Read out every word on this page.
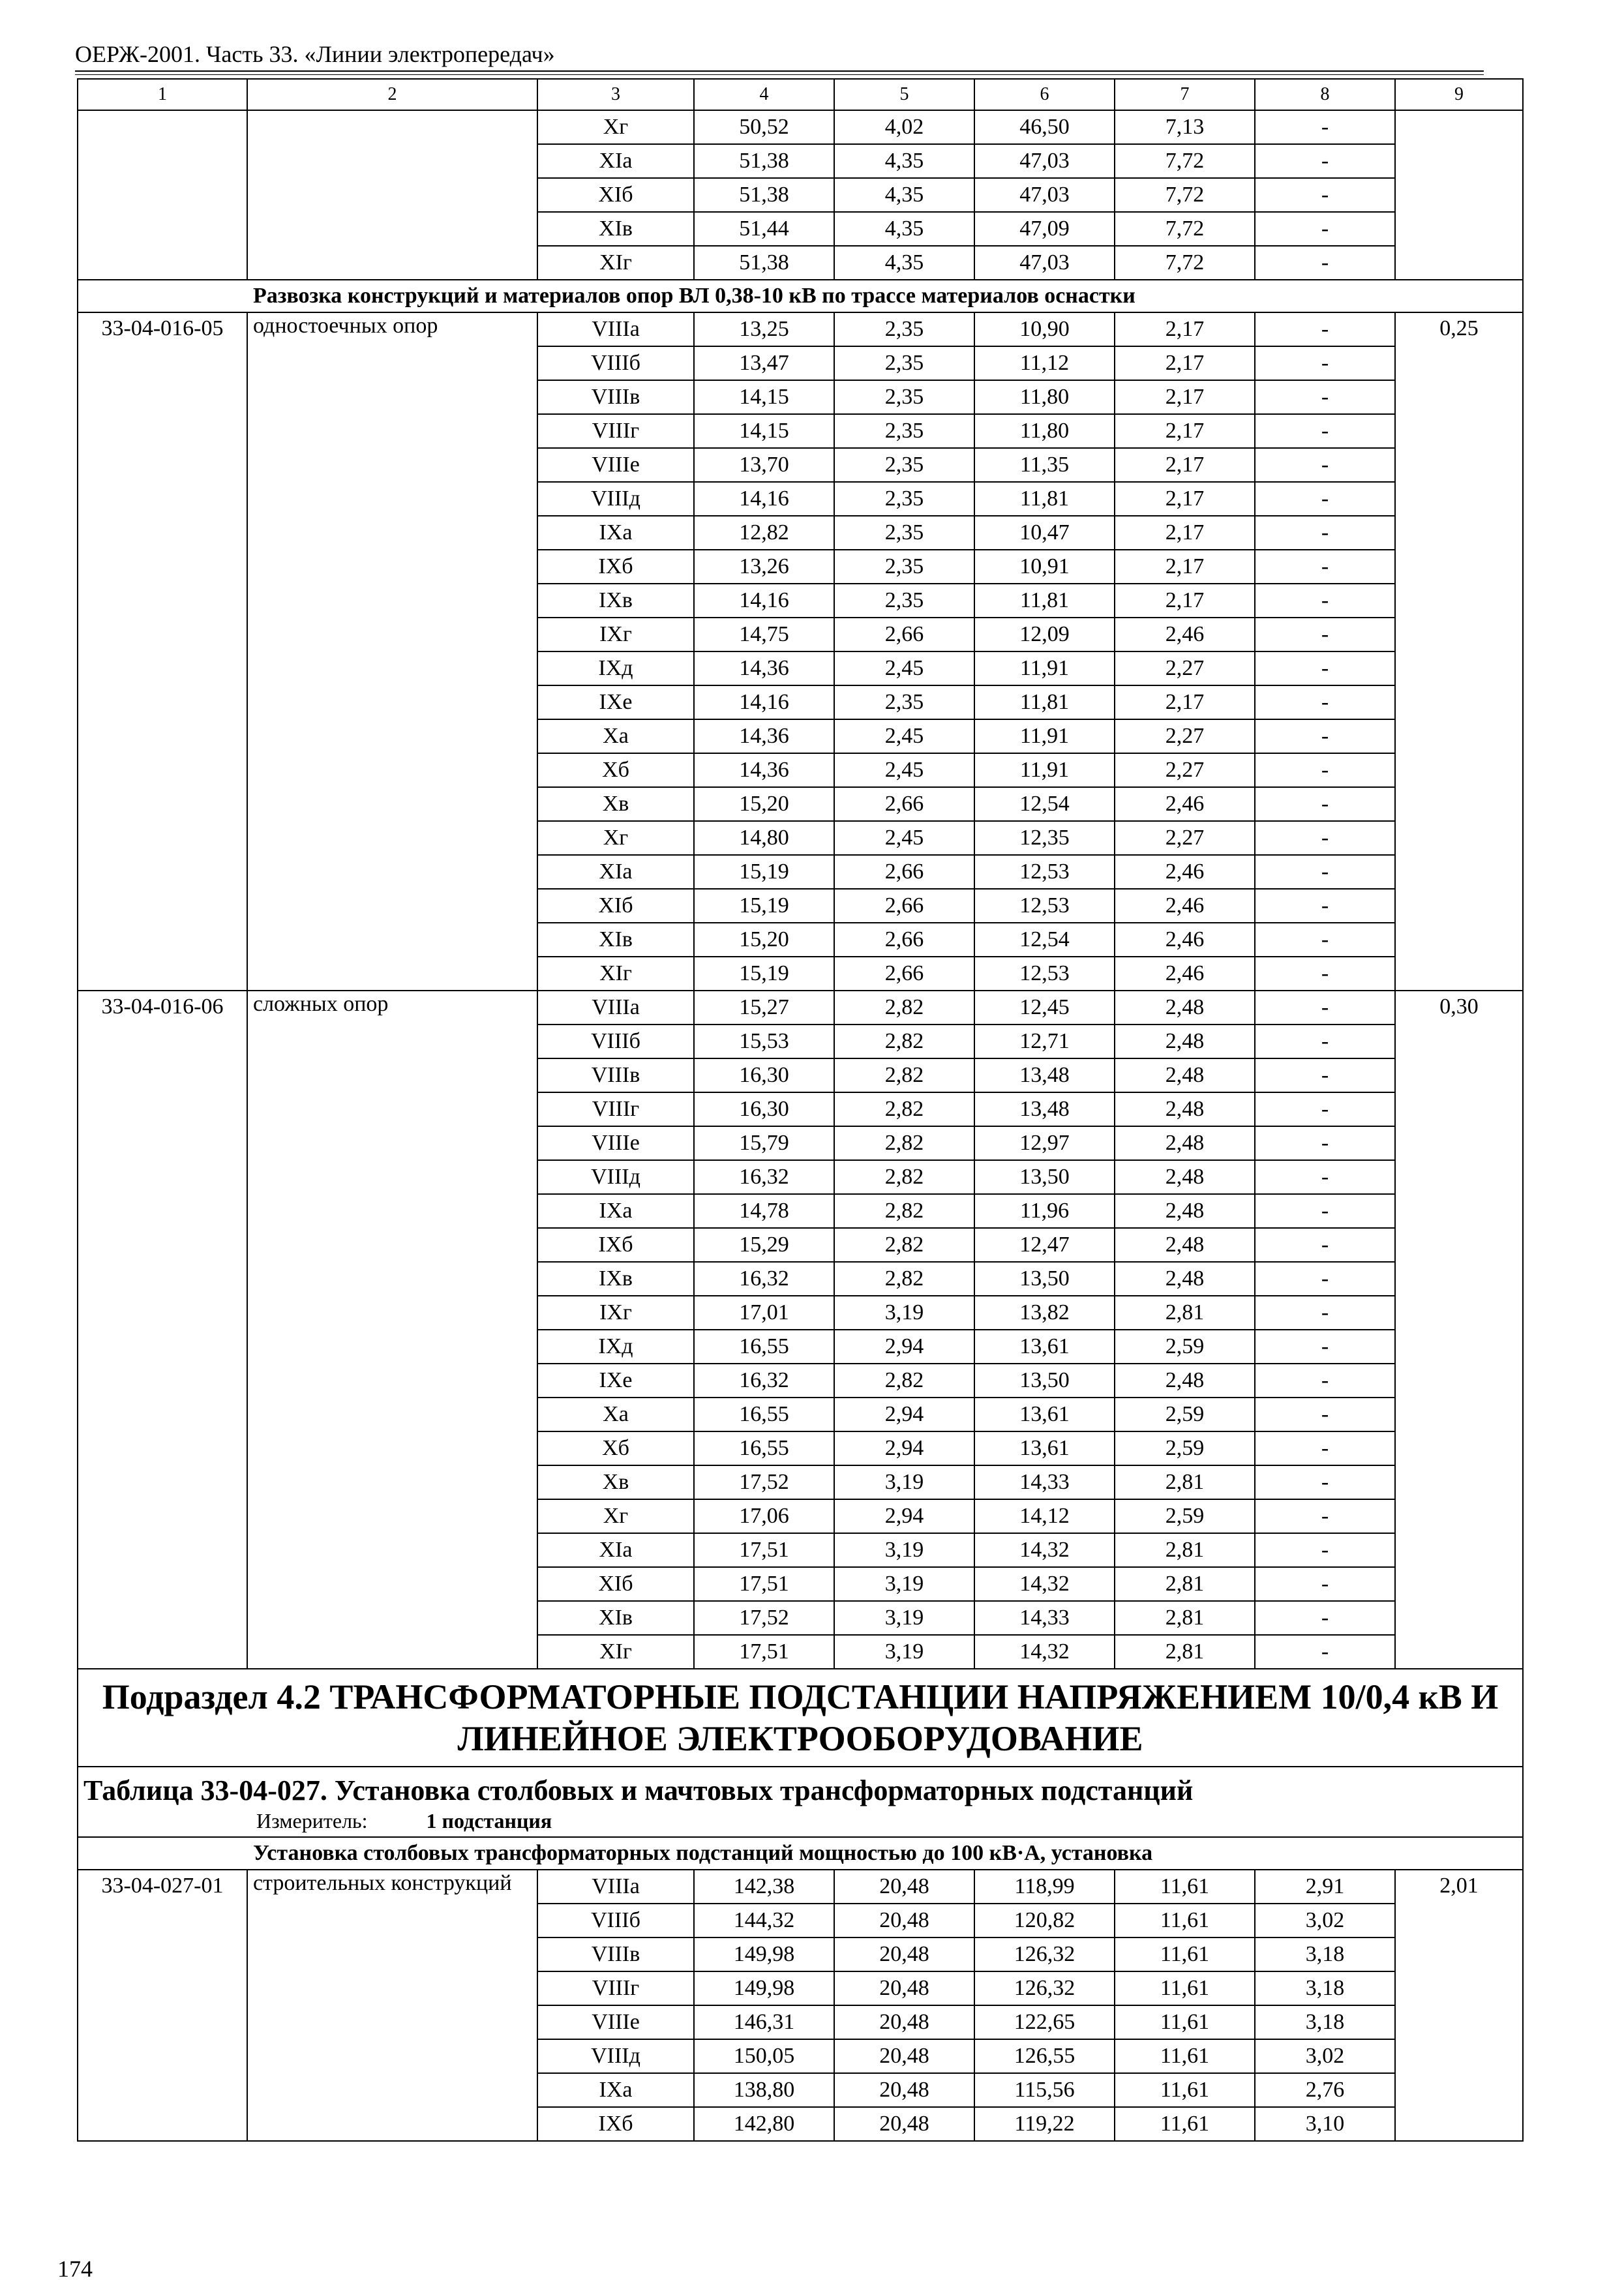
ОЕРЖ-2001. Часть 33. «Линии электропередач»
1	2	3	4	5	6	7	8	9
		Xг	50,52	4,02	46,50	7,13	-	
		XIa	51,38	4,35	47,03	7,72	-	
		XIб	51,38	4,35	47,03	7,72	-	
		XIв	51,44	4,35	47,09	7,72	-	
		XIг	51,38	4,35	47,03	7,72	-	
Развозка конструкций и материалов опор ВЛ 0,38-10 кВ по трассе материалов оснастки								
33-04-016-05	одностоечных опор	VIIIa	13,25	2,35	10,90	2,17	-	0,25
		VIIIб	13,47	2,35	11,12	2,17	-	
		VIIIв	14,15	2,35	11,80	2,17	-	
		VIIIг	14,15	2,35	11,80	2,17	-	
		VIIIe	13,70	2,35	11,35	2,17	-	
		VIIIд	14,16	2,35	11,81	2,17	-	
		IXa	12,82	2,35	10,47	2,17	-	
		IXб	13,26	2,35	10,91	2,17	-	
		IXв	14,16	2,35	11,81	2,17	-	
		IXг	14,75	2,66	12,09	2,46	-	
		IXд	14,36	2,45	11,91	2,27	-	
		IXe	14,16	2,35	11,81	2,17	-	
		Xa	14,36	2,45	11,91	2,27	-	
		Xб	14,36	2,45	11,91	2,27	-	
		Xв	15,20	2,66	12,54	2,46	-	
		Xг	14,80	2,45	12,35	2,27	-	
		XIa	15,19	2,66	12,53	2,46	-	
		XIб	15,19	2,66	12,53	2,46	-	
		XIв	15,20	2,66	12,54	2,46	-	
		XIг	15,19	2,66	12,53	2,46	-	
33-04-016-06	сложных опор	VIIIa	15,27	2,82	12,45	2,48	-	0,30
		VIIIб	15,53	2,82	12,71	2,48	-	
		VIIIв	16,30	2,82	13,48	2,48	-	
		VIIIг	16,30	2,82	13,48	2,48	-	
		VIIIe	15,79	2,82	12,97	2,48	-	
		VIIIд	16,32	2,82	13,50	2,48	-	
		IXa	14,78	2,82	11,96	2,48	-	
		IXб	15,29	2,82	12,47	2,48	-	
		IXв	16,32	2,82	13,50	2,48	-	
		IXг	17,01	3,19	13,82	2,81	-	
		IXд	16,55	2,94	13,61	2,59	-	
		IXe	16,32	2,82	13,50	2,48	-	
		Xa	16,55	2,94	13,61	2,59	-	
		Xб	16,55	2,94	13,61	2,59	-	
		Xв	17,52	3,19	14,33	2,81	-	
		Xг	17,06	2,94	14,12	2,59	-	
		XIa	17,51	3,19	14,32	2,81	-	
		XIб	17,51	3,19	14,32	2,81	-	
		XIв	17,52	3,19	14,33	2,81	-	
		XIг	17,51	3,19	14,32	2,81	-	
Подраздел 4.2 ТРАНСФОРМАТОРНЫЕ ПОДСТАНЦИИ НАПРЯЖЕНИЕМ 10/0,4 кВ И ЛИНЕЙНОЕ ЭЛЕКТРООБОРУДОВАНИЕ								

Таблица 33-04-027. Установка столбовых и мачтовых трансформаторных подстанций
Измеритель: 1 подстанция								

Установка столбовых трансформаторных подстанций мощностью до 100 кВ·А, установка								
33-04-027-01	строительных конструкций	VIIIa	142,38	20,48	118,99	11,61	2,91	2,01
		VIIIб	144,32	20,48	120,82	11,61	3,02	
		VIIIв	149,98	20,48	126,32	11,61	3,18	
		VIIIг	149,98	20,48	126,32	11,61	3,18	
		VIIIe	146,31	20,48	122,65	11,61	3,18	
		VIIIд	150,05	20,48	126,55	11,61	3,02	
		IXa	138,80	20,48	115,56	11,61	2,76	
		IXб	142,80	20,48	119,22	11,61	3,10	
174
